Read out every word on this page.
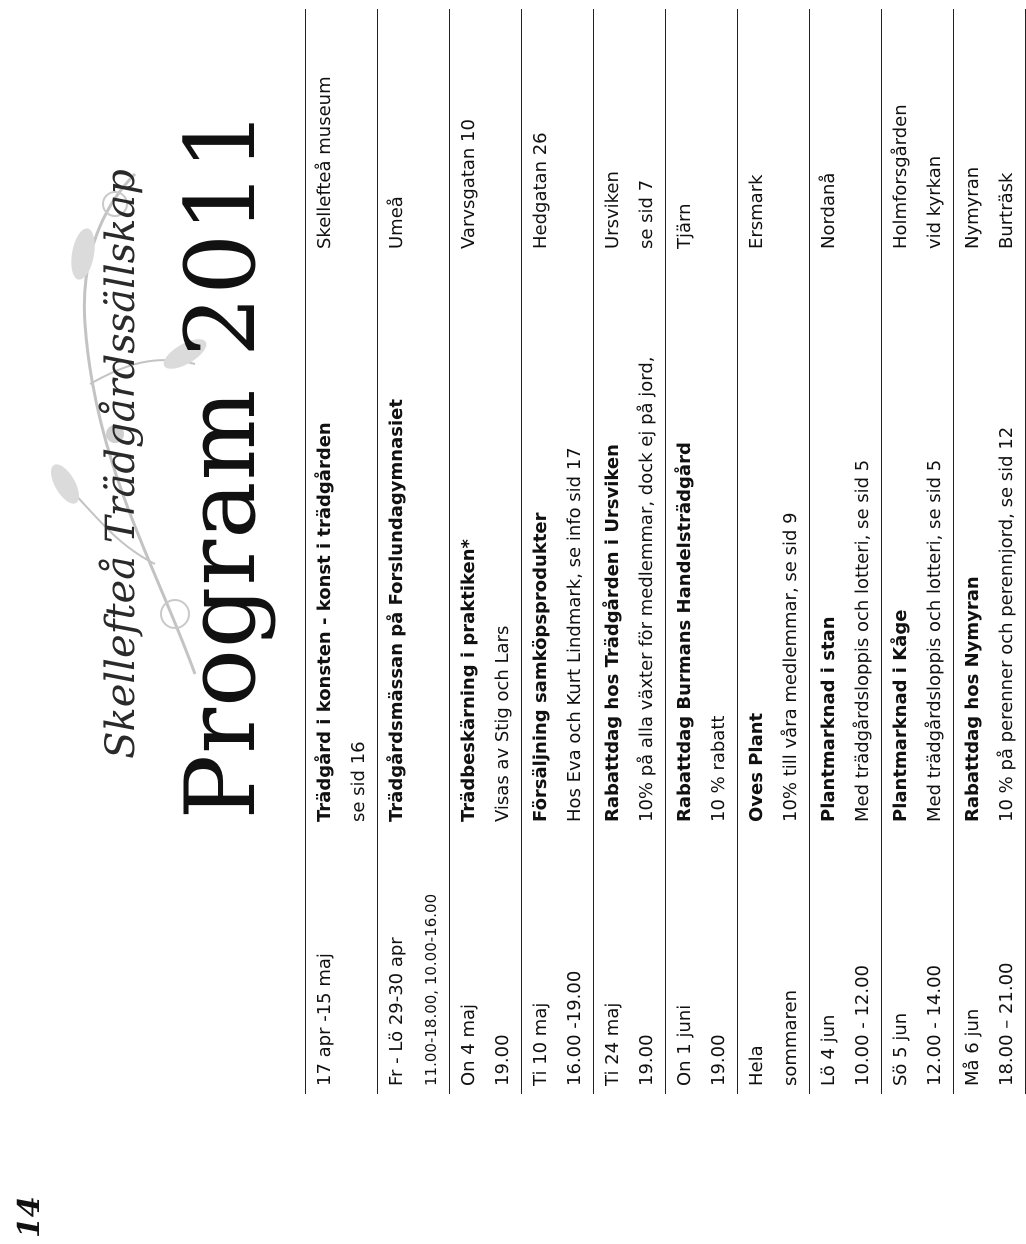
14
Skellefteå Trädgårdssällskap Program 2011
17 apr -15 maj
Trädgård i konsten - konst i trädgården se sid 16
Skellefteå museum
Fr - Lö 29-30 apr	11.00-18.00, 10.00-16.00
Trädgårdsmässan på Forslundagymnasiet
Umeå
On 4 maj 19.00
Trädbeskärning i praktiken* Visas av Stig och Lars
Varvsgatan 10
Ti 10 maj 16.00 -19.00
Försäljning samköpsprodukter Hos Eva och Kurt Lindmark, se info sid 17
Hedgatan 26
Ti 24 maj 19.00
Rabattdag hos Trädgården i Ursviken 10% på alla växter för medlemmar, dock ej på jord,
Ursviken se sid 7
On 1 juni 19.00
Rabattdag Burmans Handelsträdgård 10 % rabatt
Tjärn
Hela sommaren
Oves Plant 10% till våra medlemmar, se sid 9
Ersmark
Lö 4 jun 10.00 - 12.00
Plantmarknad i stan Med trädgårdsloppis och lotteri, se sid 5
Nordanå
Sö 5 jun 12.00 - 14.00
Plantmarknad i Kåge Med trädgårdsloppis och lotteri, se sid 5
Holmforsgården vid kyrkan
Må 6 jun 18.00 – 21.00
Rabattdag hos Nymyran 10 % på perenner och perennjord, se sid 12
Nymyran Burträsk
